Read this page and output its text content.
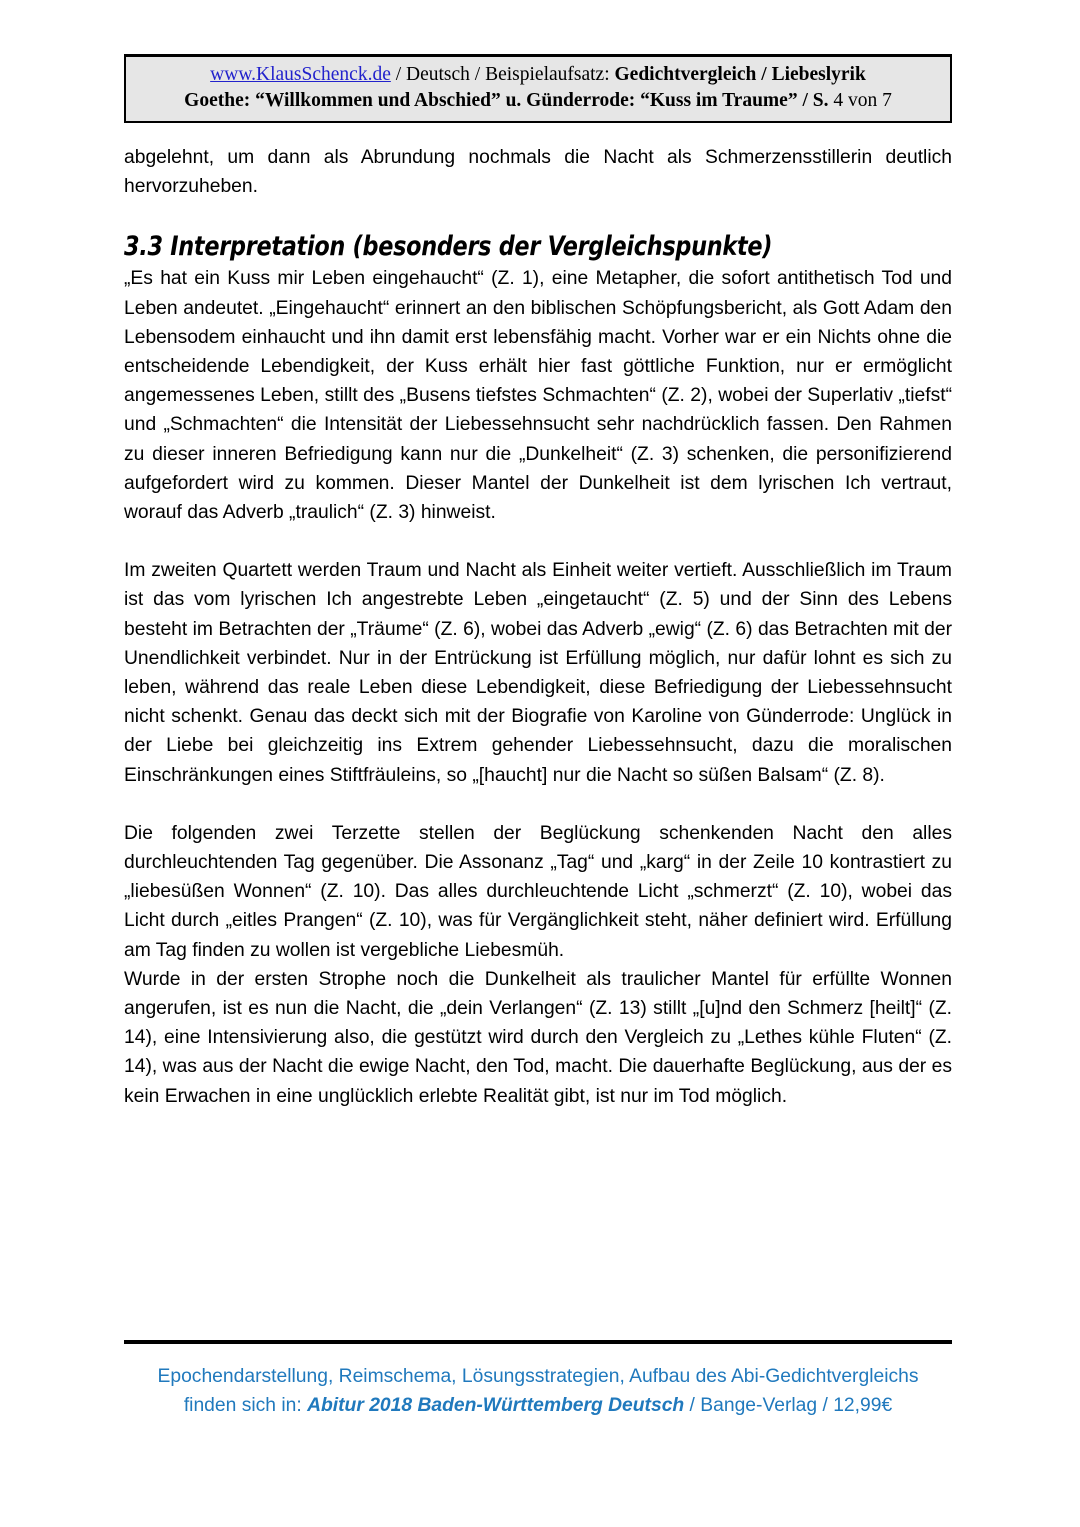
www.KlausSchenck.de / Deutsch / Beispielaufsatz: Gedichtvergleich / Liebeslyrik
Goethe: “Willkommen und Abschied” u. Günderrode: “Kuss im Traume” / S. 4 von 7

abgelehnt, um dann als Abrundung nochmals die Nacht als Schmerzensstillerin deutlich hervorzuheben.

3.3 Interpretation (besonders der Vergleichspunkte)

„Es hat ein Kuss mir Leben eingehaucht“ (Z. 1), eine Metapher, die sofort antithetisch Tod und Leben andeutet. „Eingehaucht“ erinnert an den biblischen Schöpfungsbericht, als Gott Adam den Lebensodem einhaucht und ihn damit erst lebensfähig macht. Vorher war er ein Nichts ohne die entscheidende Lebendigkeit, der Kuss erhält hier fast göttliche Funktion, nur er ermöglicht angemessenes Leben, stillt des „Busens tiefstes Schmachten“ (Z. 2), wobei der Superlativ „tiefst“ und „Schmachten“ die Intensität der Liebessehnsucht sehr nachdrücklich fassen. Den Rahmen zu dieser inneren Befriedigung kann nur die „Dunkelheit“ (Z. 3) schenken, die personifizierend aufgefordert wird zu kommen. Dieser Mantel der Dunkelheit ist dem lyrischen Ich vertraut, worauf das Adverb „traulich“ (Z. 3) hinweist.

Im zweiten Quartett werden Traum und Nacht als Einheit weiter vertieft. Ausschließlich im Traum ist das vom lyrischen Ich angestrebte Leben „eingetaucht“ (Z. 5) und der Sinn des Lebens besteht im Betrachten der „Träume“ (Z. 6), wobei das Adverb „ewig“ (Z. 6) das Betrachten mit der Unendlichkeit verbindet. Nur in der Entrückung ist Erfüllung möglich, nur dafür lohnt es sich zu leben, während das reale Leben diese Lebendigkeit, diese Befriedigung der Liebessehnsucht nicht schenkt. Genau das deckt sich mit der Biografie von Karoline von Günderrode: Unglück in der Liebe bei gleichzeitig ins Extrem gehender Liebessehnsucht, dazu die moralischen Einschränkungen eines Stiftfräuleins, so „[haucht] nur die Nacht so süßen Balsam“ (Z. 8).

Die folgenden zwei Terzette stellen der Beglückung schenkenden Nacht den alles durchleuchtenden Tag gegenüber. Die Assonanz „Tag“ und „karg“ in der Zeile 10 kontrastiert zu „liebesüßen Wonnen“ (Z. 10). Das alles durchleuchtende Licht „schmerzt“ (Z. 10), wobei das Licht durch „eitles Prangen“ (Z. 10), was für Vergänglichkeit steht, näher definiert wird. Erfüllung am Tag finden zu wollen ist vergebliche Liebesmüh.

Wurde in der ersten Strophe noch die Dunkelheit als traulicher Mantel für erfüllte Wonnen angerufen, ist es nun die Nacht, die „dein Verlangen“ (Z. 13) stillt „[u]nd den Schmerz [heilt]“ (Z. 14), eine Intensivierung also, die gestützt wird durch den Vergleich zu „Lethes kühle Fluten“ (Z. 14), was aus der Nacht die ewige Nacht, den Tod, macht. Die dauerhafte Beglückung, aus der es kein Erwachen in eine unglücklich erlebte Realität gibt, ist nur im Tod möglich.

Epochendarstellung, Reimschema, Lösungsstrategien, Aufbau des Abi-Gedichtvergleichs
finden sich in: Abitur 2018 Baden-Württemberg Deutsch / Bange-Verlag / 12,99€
